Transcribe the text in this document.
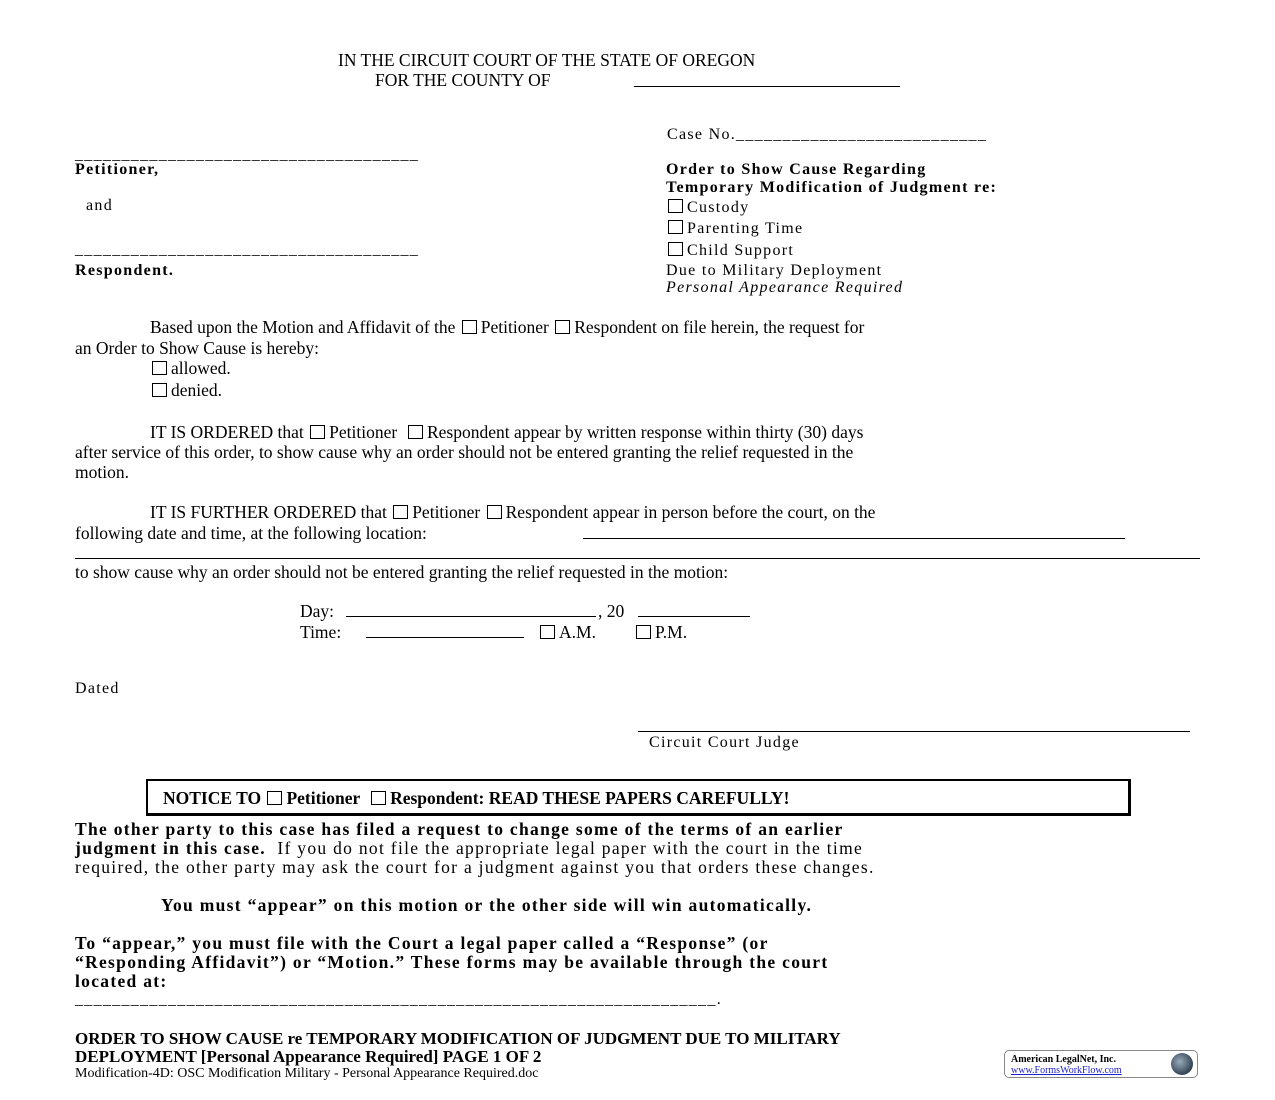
IN THE CIRCUIT COURT OF THE STATE OF OREGON
FOR THE COUNTY OF
Case No.___________________________
_____________________________________
Petitioner,
and
_____________________________________
Respondent.
Order to Show Cause Regarding
Temporary Modification of Judgment re:
Custody
Parenting Time
Child Support
Due to Military Deployment
Personal Appearance Required
Based upon the Motion and Affidavit of the Petitioner Respondent on file herein, the request for
an Order to Show Cause is hereby:
allowed.
denied.
IT IS ORDERED that Petitioner Respondent appear by written response within thirty (30) days
after service of this order, to show cause why an order should not be entered granting the relief requested in the
motion.
IT IS FURTHER ORDERED that Petitioner Respondent appear in person before the court, on the
following date and time, at the following location:
to show cause why an order should not be entered granting the relief requested in the motion:
Day:	, 20
Time:	A.M.	P.M.
Dated
Circuit Court Judge
NOTICE TO Petitioner Respondent: READ THESE PAPERS CAREFULLY!
The other party to this case has filed a request to change some of the terms of an earlier
judgment in this case. If you do not file the appropriate legal paper with the court in the time
required, the other party may ask the court for a judgment against you that orders these changes.
You must “appear” on this motion or the other side will win automatically.
To “appear,” you must file with the Court a legal paper called a “Response” (or
“Responding Affidavit”) or “Motion.” These forms may be available through the court
located at:
_____________________________________________________________________.
ORDER TO SHOW CAUSE re TEMPORARY MODIFICATION OF JUDGMENT DUE TO MILITARY
DEPLOYMENT [Personal Appearance Required] PAGE 1 OF 2
Modification-4D: OSC Modification Military - Personal Appearance Required.doc
American LegalNet, Inc.
www.FormsWorkFlow.com
